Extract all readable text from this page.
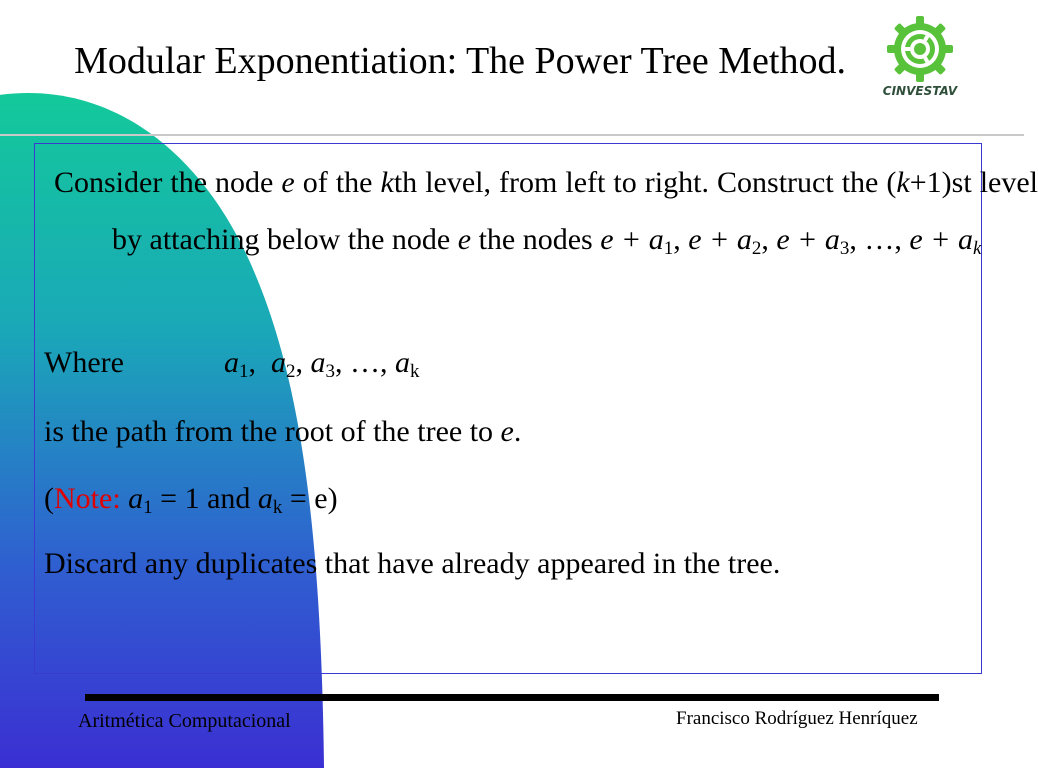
Modular Exponentiation: The Power Tree Method.
CINVESTAV
Consider the node e of the kth level, from left to right. Construct the (k+1)st level by attaching below the node e the nodes $e + a_1$, $e + a_2$, $e + a_3$, …, $e + a_k$
Where	$a_1$,  $a_2$, $a_3$, …, $a_k$
is the path from the root of the tree to e.
(Note: $a_1 = 1$ and $a_k = e$)
Discard any duplicates that have already appeared in the tree.
Aritmética Computacional	Francisco Rodríguez Henríquez
